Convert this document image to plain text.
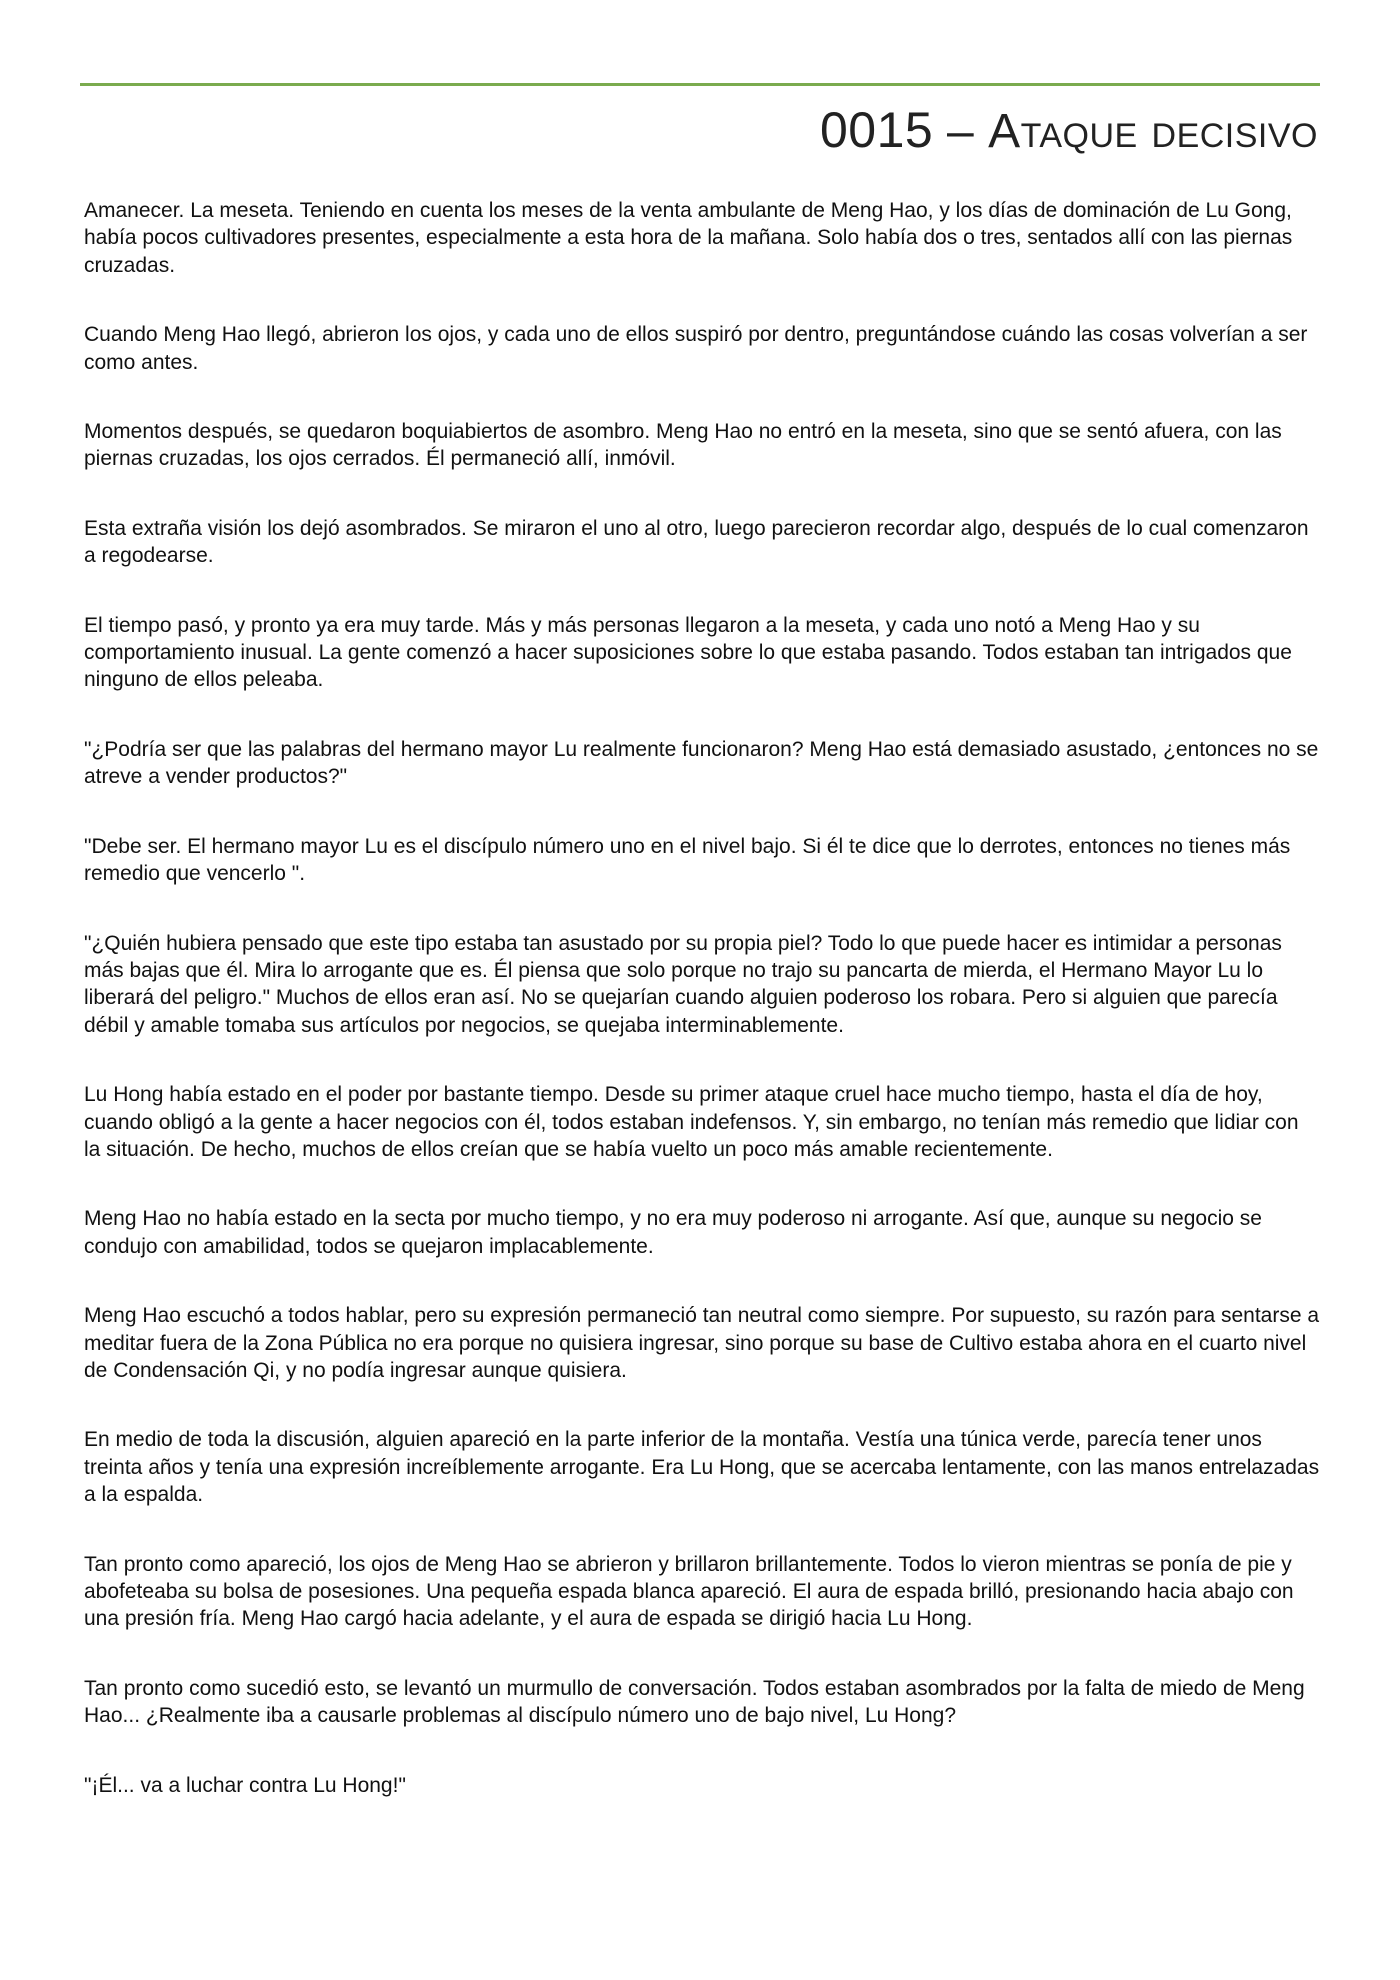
0015 – Ataque decisivo

Amanecer. La meseta. Teniendo en cuenta los meses de la venta ambulante de Meng Hao, y los días de dominación de Lu Gong, había pocos cultivadores presentes, especialmente a esta hora de la mañana. Solo había dos o tres, sentados allí con las piernas cruzadas.

Cuando Meng Hao llegó, abrieron los ojos, y cada uno de ellos suspiró por dentro, preguntándose cuándo las cosas volverían a ser como antes.

Momentos después, se quedaron boquiabiertos de asombro. Meng Hao no entró en la meseta, sino que se sentó afuera, con las piernas cruzadas, los ojos cerrados. Él permaneció allí, inmóvil.

Esta extraña visión los dejó asombrados. Se miraron el uno al otro, luego parecieron recordar algo, después de lo cual comenzaron a regodearse.

El tiempo pasó, y pronto ya era muy tarde. Más y más personas llegaron a la meseta, y cada uno notó a Meng Hao y su comportamiento inusual. La gente comenzó a hacer suposiciones sobre lo que estaba pasando. Todos estaban tan intrigados que ninguno de ellos peleaba.

"¿Podría ser que las palabras del hermano mayor Lu realmente funcionaron? Meng Hao está demasiado asustado, ¿entonces no se atreve a vender productos?"

"Debe ser. El hermano mayor Lu es el discípulo número uno en el nivel bajo. Si él te dice que lo derrotes, entonces no tienes más remedio que vencerlo ".

"¿Quién hubiera pensado que este tipo estaba tan asustado por su propia piel? Todo lo que puede hacer es intimidar a personas más bajas que él. Mira lo arrogante que es. Él piensa que solo porque no trajo su pancarta de mierda, el Hermano Mayor Lu lo liberará del peligro." Muchos de ellos eran así. No se quejarían cuando alguien poderoso los robara. Pero si alguien que parecía débil y amable tomaba sus artículos por negocios, se quejaba interminablemente.

Lu Hong había estado en el poder por bastante tiempo. Desde su primer ataque cruel hace mucho tiempo, hasta el día de hoy, cuando obligó a la gente a hacer negocios con él, todos estaban indefensos. Y, sin embargo, no tenían más remedio que lidiar con la situación. De hecho, muchos de ellos creían que se había vuelto un poco más amable recientemente.

Meng Hao no había estado en la secta por mucho tiempo, y no era muy poderoso ni arrogante. Así que, aunque su negocio se condujo con amabilidad, todos se quejaron implacablemente.

Meng Hao escuchó a todos hablar, pero su expresión permaneció tan neutral como siempre. Por supuesto, su razón para sentarse a meditar fuera de la Zona Pública no era porque no quisiera ingresar, sino porque su base de Cultivo estaba ahora en el cuarto nivel de Condensación Qi, y no podía ingresar aunque quisiera.

En medio de toda la discusión, alguien apareció en la parte inferior de la montaña. Vestía una túnica verde, parecía tener unos treinta años y tenía una expresión increíblemente arrogante. Era Lu Hong, que se acercaba lentamente, con las manos entrelazadas a la espalda.

Tan pronto como apareció, los ojos de Meng Hao se abrieron y brillaron brillantemente. Todos lo vieron mientras se ponía de pie y abofeteaba su bolsa de posesiones. Una pequeña espada blanca apareció. El aura de espada brilló, presionando hacia abajo con una presión fría. Meng Hao cargó hacia adelante, y el aura de espada se dirigió hacia Lu Hong.

Tan pronto como sucedió esto, se levantó un murmullo de conversación. Todos estaban asombrados por la falta de miedo de Meng Hao... ¿Realmente iba a causarle problemas al discípulo número uno de bajo nivel, Lu Hong?

"¡Él... va a luchar contra Lu Hong!"
